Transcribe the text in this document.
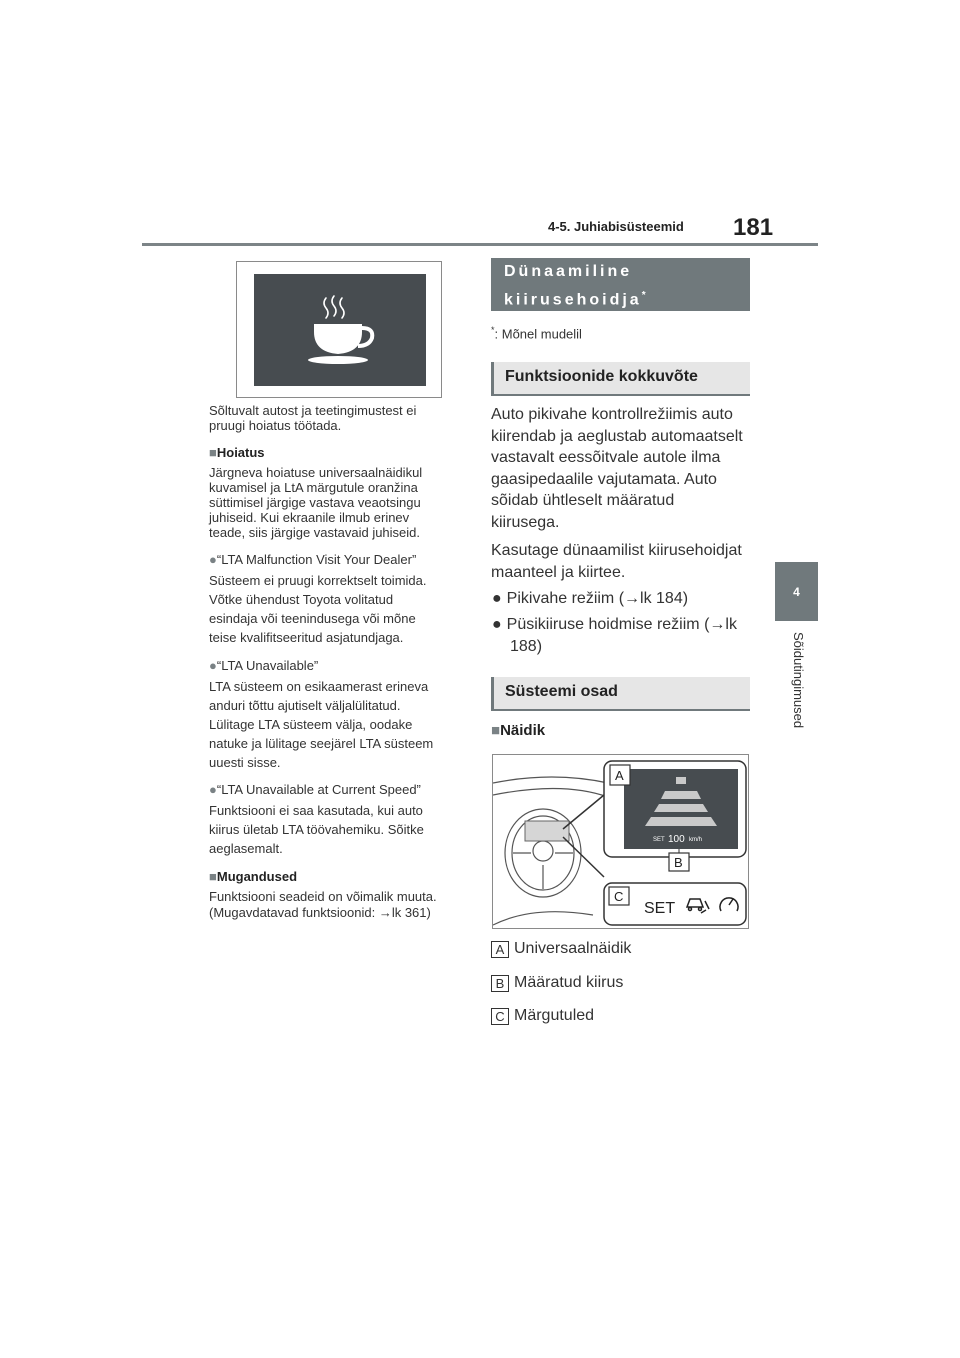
4-5. Juhiabisüsteemid 181
4
Sõidutingimused
Sõltuvalt autost ja teetingimustest ei
pruugi hoiatus töötada.
■Hoiatus
Järgneva hoiatuse universaalnäidikul
kuvamisel ja LtA märgutule oranžina
süttimisel järgige vastava veaotsingu
juhiseid. Kui ekraanile ilmub erinev
teade, siis järgige vastavaid juhiseid.
●“LTA Malfunction Visit Your Dealer”
Süsteem ei pruugi korrektselt toimida.
Võtke ühendust Toyota volitatud
esindaja või teenindusega või mõne
teise kvalifitseeritud asjatundjaga.
●“LTA Unavailable”
LTA süsteem on esikaamerast erineva
anduri tõttu ajutiselt väljalülitatud.
Lülitage LTA süsteem välja, oodake
natuke ja lülitage seejärel LTA süsteem
uuesti sisse.
●“LTA Unavailable at Current Speed”
Funktsiooni ei saa kasutada, kui auto
kiirus ületab LTA töövahemiku. Sõitke
aeglasemalt.
■Mugandused
Funktsiooni seadeid on võimalik muuta.
(Mugavdatavad funktsioonid: →lk 361)
Dünaamiline
kiirusehoidja*
*: Mõnel mudelil
Funktsioonide kokkuvõte
Auto pikivahe kontrollrežiimis auto
kiirendab ja aeglustab automaatselt
vastavalt eessõitvale autole ilma
gaasipedaalile vajutamata. Auto
sõidab ühtleselt määratud
kiirusega.
Kasutage dünaamilist kiirusehoidjat
maanteel ja kiirtee.
● Pikivahe režiim (→lk 184)
● Püsikiiruse hoidmise režiim (→lk
188)
Süsteemi osad
■Näidik
SET 100 km/h
A
B
C
SET
A Universaalnäidik
B Määratud kiirus
C Märgutuled
